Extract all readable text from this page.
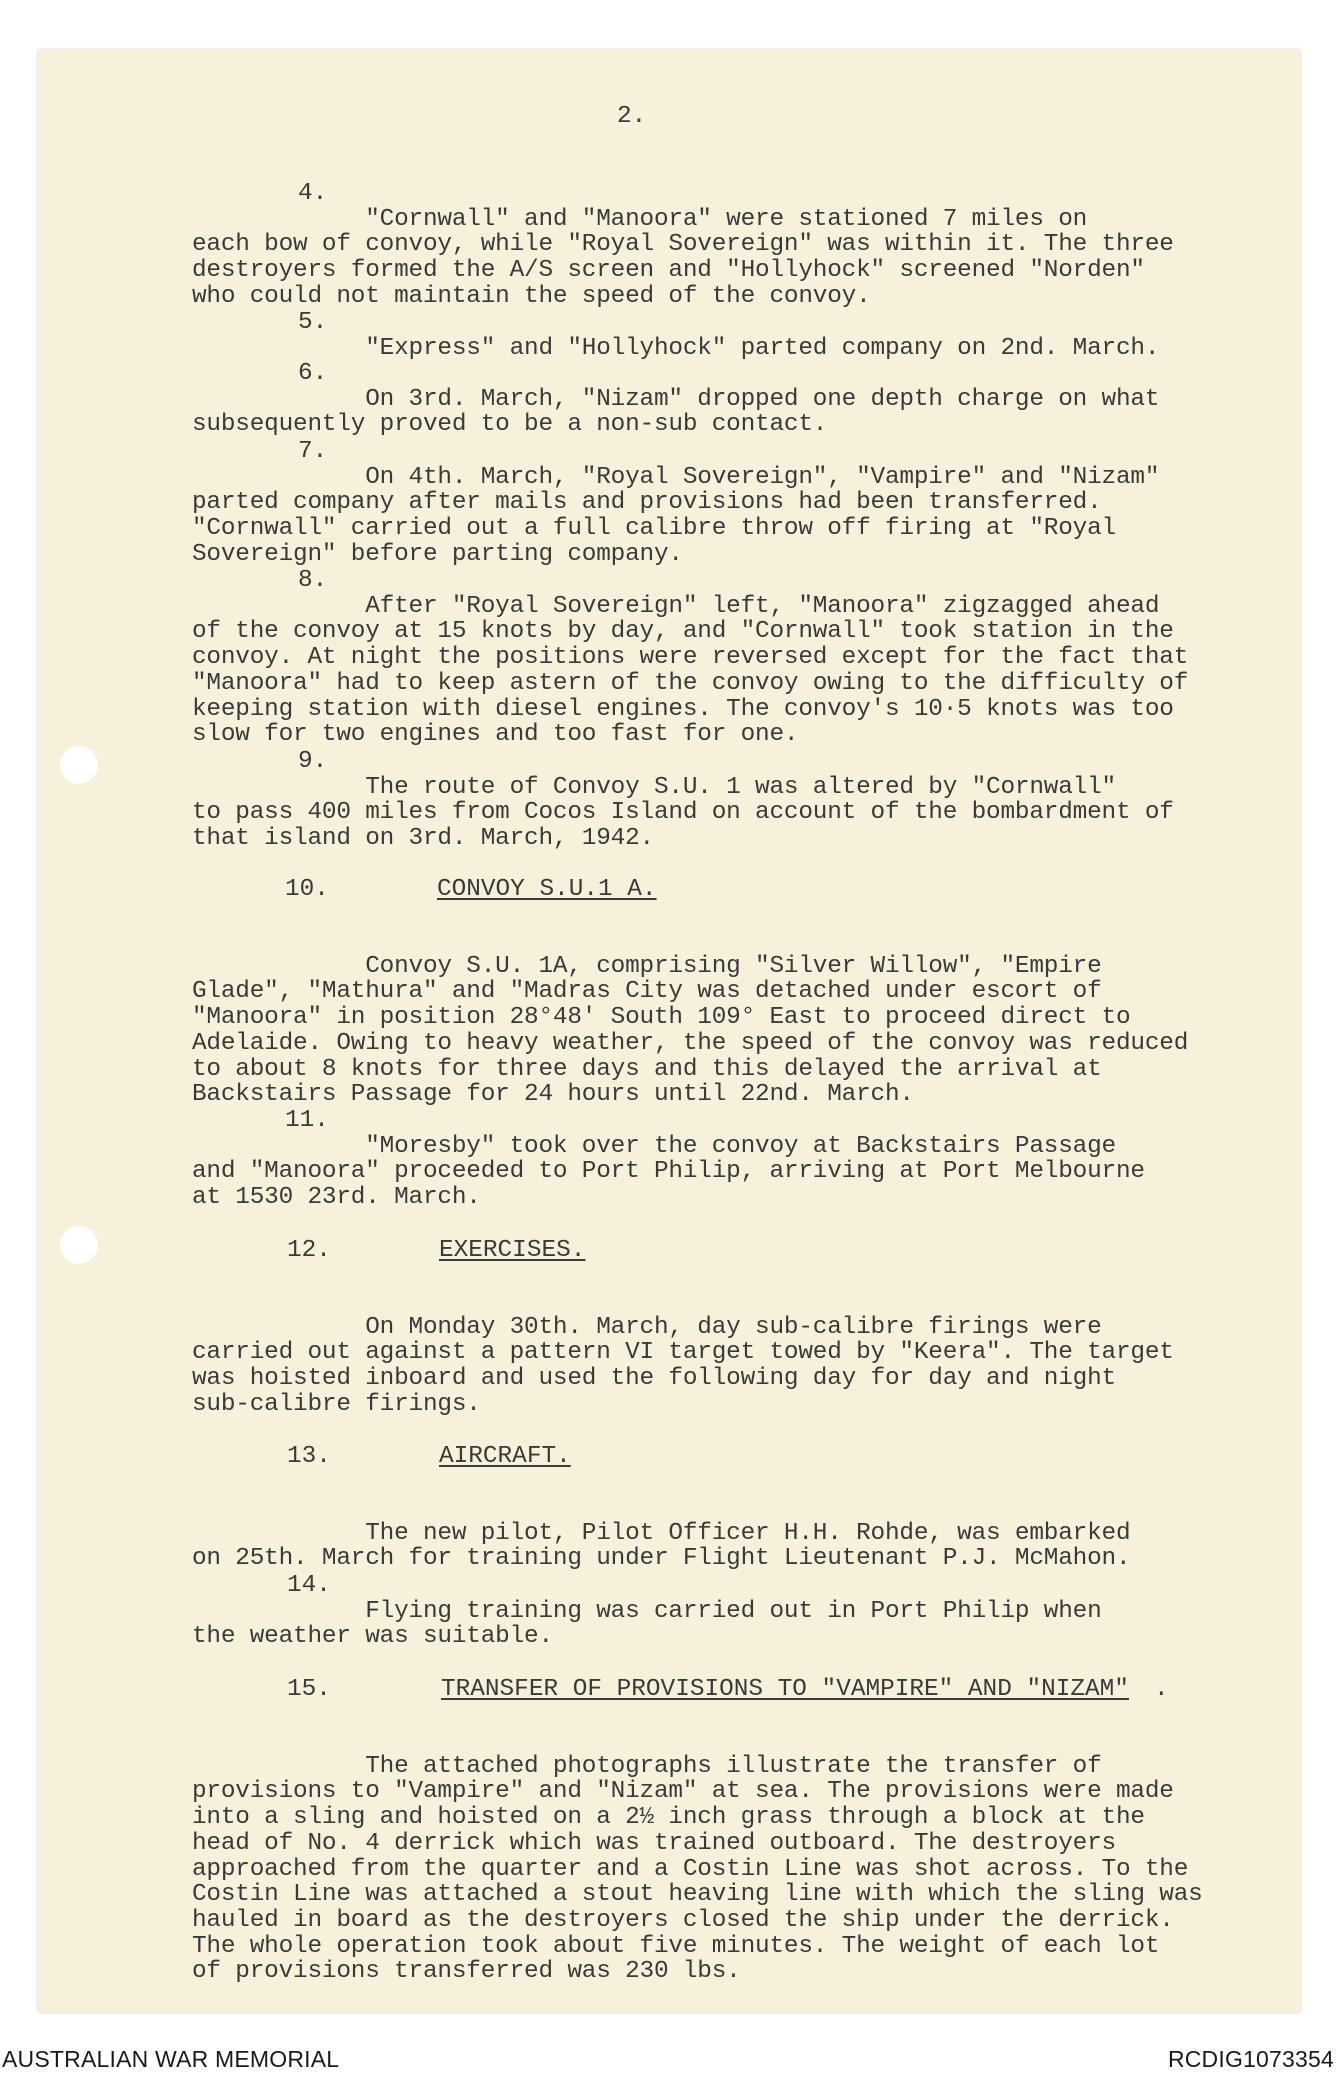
2.
4.

"Cornwall" and "Manoora" were stationed 7 miles on
each bow of convoy, while "Royal Sovereign" was within it. The three
destroyers formed the A/S screen and "Hollyhock" screened "Norden"
who could not maintain the speed of the convoy.
5.

"Express" and "Hollyhock" parted company on 2nd. March.
6.

On 3rd. March, "Nizam" dropped one depth charge on what
subsequently proved to be a non-sub contact.
7.

On 4th. March, "Royal Sovereign", "Vampire" and "Nizam"
parted company after mails and provisions had been transferred.
"Cornwall" carried out a full calibre throw off firing at "Royal
Sovereign" before parting company.
8.

After "Royal Sovereign" left, "Manoora" zigzagged ahead
of the convoy at 15 knots by day, and "Cornwall" took station in the
convoy. At night the positions were reversed except for the fact that
"Manoora" had to keep astern of the convoy owing to the difficulty of
keeping station with diesel engines. The convoy's 10·5 knots was too
slow for two engines and too fast for one.
9.

The route of Convoy S.U. 1 was altered by "Cornwall"
to pass 400 miles from Cocos Island on account of the bombardment of
that island on 3rd. March, 1942.
10.	CONVOY S.U.1 A.

Convoy S.U. 1A, comprising "Silver Willow", "Empire
Glade", "Mathura" and "Madras City was detached under escort of
"Manoora" in position 28°48' South 109° East to proceed direct to
Adelaide. Owing to heavy weather, the speed of the convoy was reduced
to about 8 knots for three days and this delayed the arrival at
Backstairs Passage for 24 hours until 22nd. March.
11.

"Moresby" took over the convoy at Backstairs Passage
and "Manoora" proceeded to Port Philip, arriving at Port Melbourne
at 1530 23rd. March.
12.	EXERCISES.

On Monday 30th. March, day sub-calibre firings were
carried out against a pattern VI target towed by "Keera". The target
was hoisted inboard and used the following day for day and night
sub-calibre firings.
13.	AIRCRAFT.

The new pilot, Pilot Officer H.H. Rohde, was embarked
on 25th. March for training under Flight Lieutenant P.J. McMahon.
14.

Flying training was carried out in Port Philip when
the weather was suitable.
15.	TRANSFER OF PROVISIONS TO "VAMPIRE" AND "NIZAM" .

The attached photographs illustrate the transfer of
provisions to "Vampire" and "Nizam" at sea. The provisions were made
into a sling and hoisted on a 2½ inch grass through a block at the
head of No. 4 derrick which was trained outboard. The destroyers
approached from the quarter and a Costin Line was shot across. To the
Costin Line was attached a stout heaving line with which the sling was
hauled in board as the destroyers closed the ship under the derrick.
The whole operation took about five minutes. The weight of each lot
of provisions transferred was 230 lbs.
AUSTRALIAN WAR MEMORIAL	RCDIG1073354
